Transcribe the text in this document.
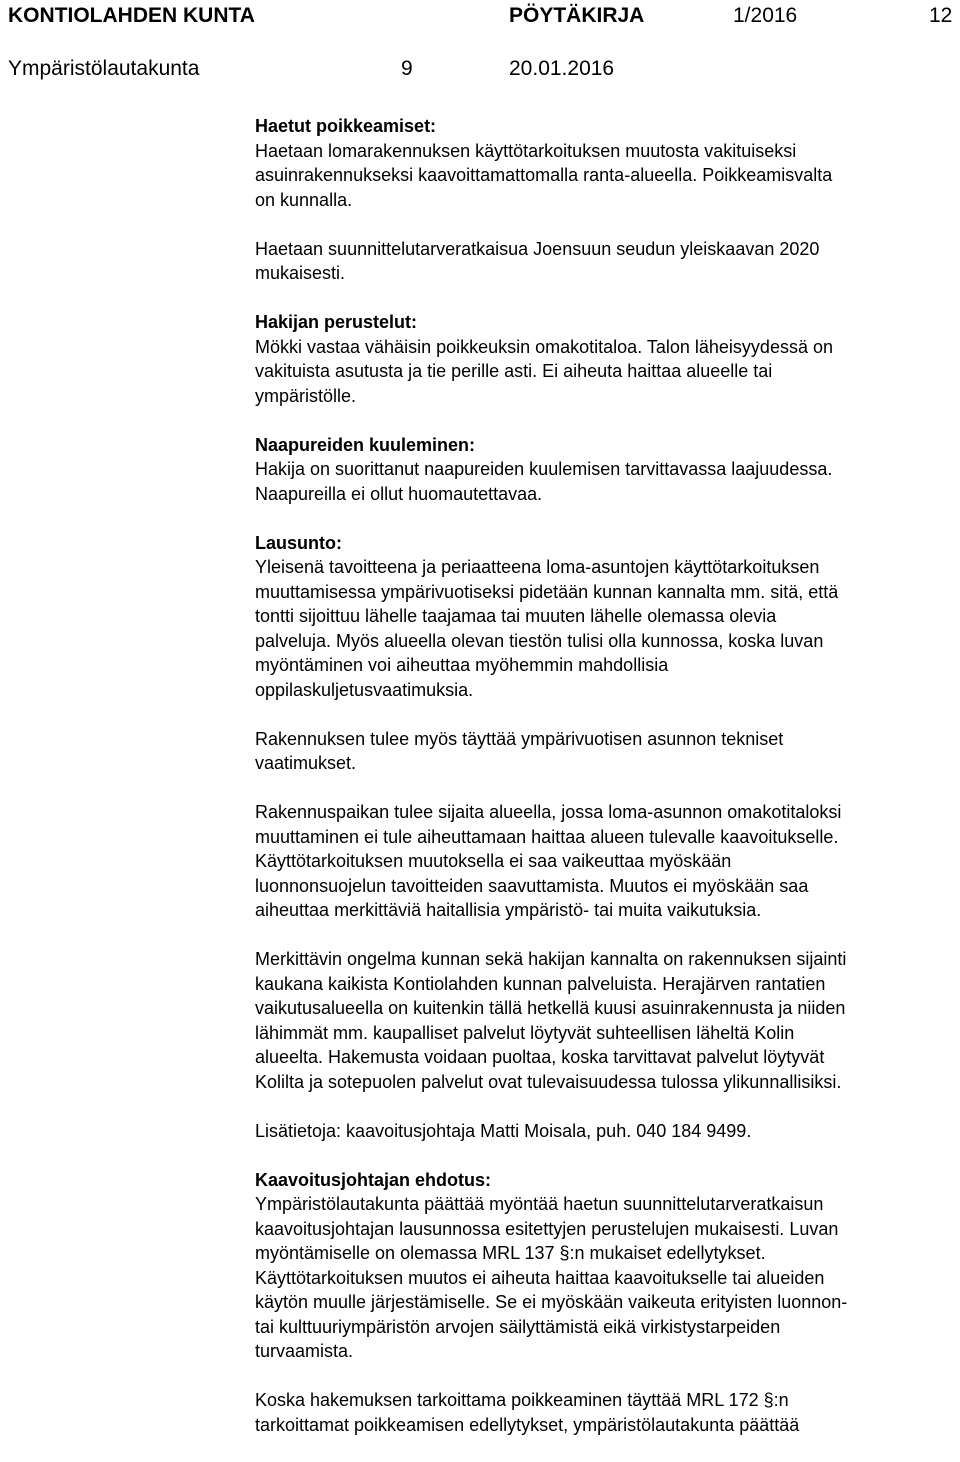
KONTIOLAHDEN KUNTA	PÖYTÄKIRJA	1/2016	12
Ympäristölautakunta	9	20.01.2016
Haetut poikkeamiset:
Haetaan lomarakennuksen käyttötarkoituksen muutosta vakituiseksi
asuinrakennukseksi kaavoittamattomalla ranta-alueella. Poikkeamisvalta
on kunnalla.
Haetaan suunnittelutarveratkaisua Joensuun seudun yleiskaavan 2020
mukaisesti.
Hakijan perustelut:
Mökki vastaa vähäisin poikkeuksin omakotitaloa. Talon läheisyydessä on
vakituista asutusta ja tie perille asti. Ei aiheuta haittaa alueelle tai
ympäristölle.
Naapureiden kuuleminen:
Hakija on suorittanut naapureiden kuulemisen tarvittavassa laajuudessa.
Naapureilla ei ollut huomautettavaa.
Lausunto:
Yleisenä tavoitteena ja periaatteena loma-asuntojen käyttötarkoituksen
muuttamisessa ympärivuotiseksi pidetään kunnan kannalta mm. sitä, että
tontti sijoittuu lähelle taajamaa tai muuten lähelle olemassa olevia
palveluja. Myös alueella olevan tiestön tulisi olla kunnossa, koska luvan
myöntäminen voi aiheuttaa myöhemmin mahdollisia
oppilaskuljetusvaatimuksia.
Rakennuksen tulee myös täyttää ympärivuotisen asunnon tekniset
vaatimukset.
Rakennuspaikan tulee sijaita alueella, jossa loma-asunnon omakotitaloksi
muuttaminen ei tule aiheuttamaan haittaa alueen tulevalle kaavoitukselle.
Käyttötarkoituksen muutoksella ei saa vaikeuttaa myöskään
luonnonsuojelun tavoitteiden saavuttamista. Muutos ei myöskään saa
aiheuttaa merkittäviä haitallisia ympäristö- tai muita vaikutuksia.
Merkittävin ongelma kunnan sekä hakijan kannalta on rakennuksen sijainti
kaukana kaikista Kontiolahden kunnan palveluista. Herajärven rantatien
vaikutusalueella on kuitenkin tällä hetkellä kuusi asuinrakennusta ja niiden
lähimmät mm. kaupalliset palvelut löytyvät suhteellisen läheltä Kolin
alueelta. Hakemusta voidaan puoltaa, koska tarvittavat palvelut löytyvät
Kolilta ja sotepuolen palvelut ovat tulevaisuudessa tulossa ylikunnallisiksi.
Lisätietoja: kaavoitusjohtaja Matti Moisala, puh. 040 184 9499.
Kaavoitusjohtajan ehdotus:
Ympäristölautakunta päättää myöntää haetun suunnittelutarveratkaisun
kaavoitusjohtajan lausunnossa esitettyjen perustelujen mukaisesti. Luvan
myöntämiselle on olemassa MRL 137 §:n mukaiset edellytykset.
Käyttötarkoituksen muutos ei aiheuta haittaa kaavoitukselle tai alueiden
käytön muulle järjestämiselle. Se ei myöskään vaikeuta erityisten luonnon-
tai kulttuuriympäristön arvojen säilyttämistä eikä virkistystarpeiden
turvaamista.
Koska hakemuksen tarkoittama poikkeaminen täyttää MRL 172 §:n
tarkoittamat poikkeamisen edellytykset, ympäristölautakunta päättää
